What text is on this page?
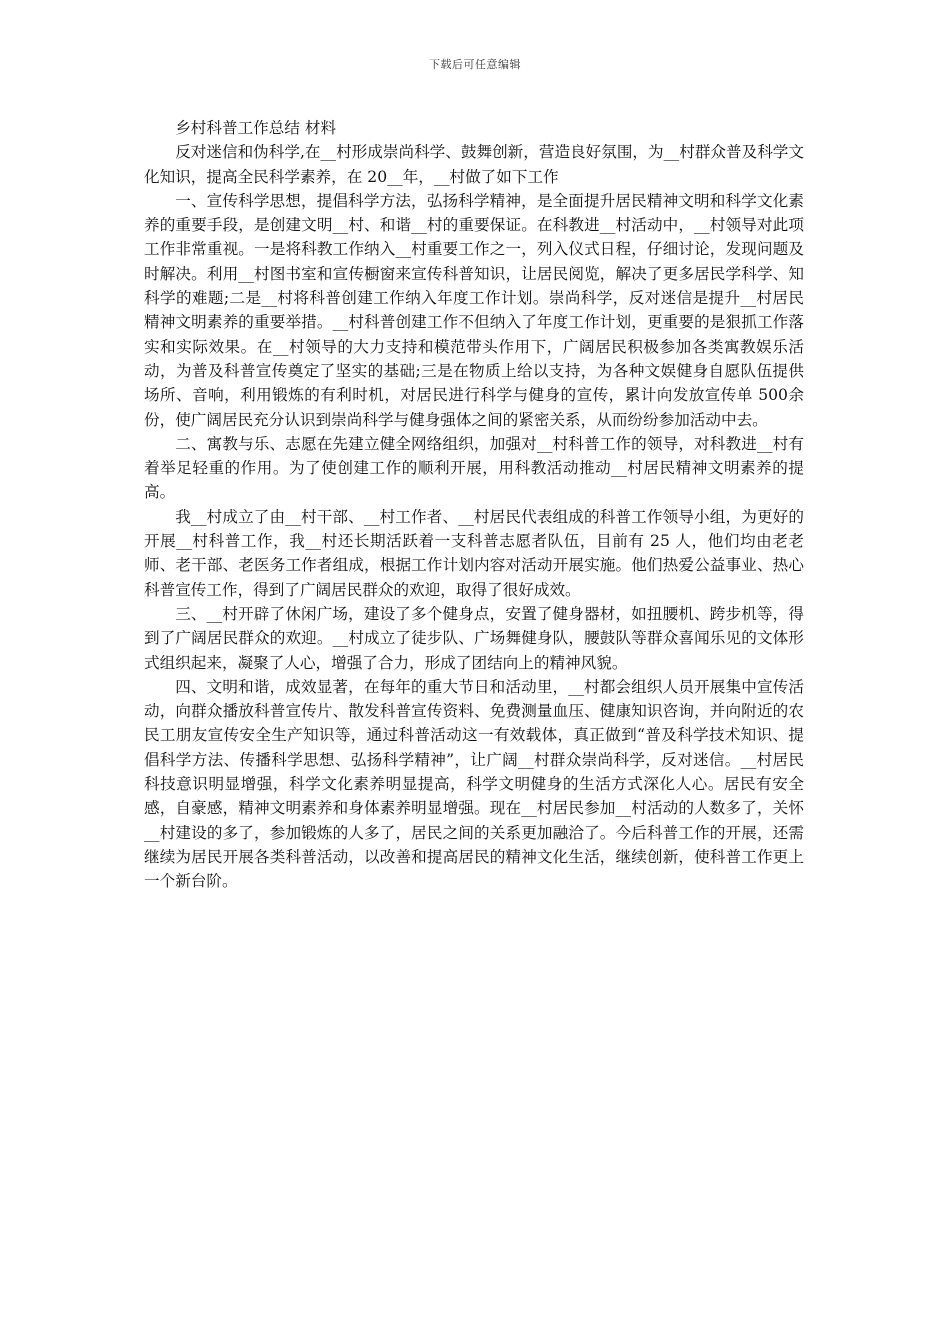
下载后可任意编辑
乡村科普工作总结 材料

反对迷信和伪科学,在__村形成崇尚科学、鼓舞创新，营造良好氛围，为__村群众普及科学文化知识，提高全民科学素养，在 20__年，__村做了如下工作

一、宣传科学思想，提倡科学方法，弘扬科学精神，是全面提升居民精神文明和科学文化素养的重要手段，是创建文明__村、和谐__村的重要保证。在科教进__村活动中，__村领导对此项工作非常重视。一是将科教工作纳入__村重要工作之一，列入仪式日程，仔细讨论，发现问题及时解决。利用__村图书室和宣传橱窗来宣传科普知识，让居民阅览，解决了更多居民学科学、知科学的难题;二是__村将科普创建工作纳入年度工作计划。崇尚科学，反对迷信是提升__村居民精神文明素养的重要举措。__村科普创建工作不但纳入了年度工作计划，更重要的是狠抓工作落实和实际效果。在__村领导的大力支持和模范带头作用下，广阔居民积极参加各类寓教娱乐活动，为普及科普宣传奠定了坚实的基础;三是在物质上给以支持，为各种文娱健身自愿队伍提供场所、音响，利用锻炼的有利时机，对居民进行科学与健身的宣传，累计向发放宣传单 500余份，使广阔居民充分认识到崇尚科学与健身强体之间的紧密关系，从而纷纷参加活动中去。

二、寓教与乐、志愿在先建立健全网络组织，加强对__村科普工作的领导，对科教进__村有着举足轻重的作用。为了使创建工作的顺利开展，用科教活动推动__村居民精神文明素养的提高。

我__村成立了由__村干部、__村工作者、__村居民代表组成的科普工作领导小组，为更好的开展__村科普工作，我__村还长期活跃着一支科普志愿者队伍，目前有 25 人，他们均由老老师、老干部、老医务工作者组成，根据工作计划内容对活动开展实施。他们热爱公益事业、热心科普宣传工作，得到了广阔居民群众的欢迎，取得了很好成效。

三、__村开辟了休闲广场，建设了多个健身点，安置了健身器材，如扭腰机、跨步机等，得到了广阔居民群众的欢迎。__村成立了徒步队、广场舞健身队，腰鼓队等群众喜闻乐见的文体形式组织起来，凝聚了人心，增强了合力，形成了团结向上的精神风貌。

四、文明和谐，成效显著，在每年的重大节日和活动里，__村都会组织人员开展集中宣传活动，向群众播放科普宣传片、散发科普宣传资料、免费测量血压、健康知识咨询，并向附近的农民工朋友宣传安全生产知识等，通过科普活动这一有效载体，真正做到“普及科学技术知识、提倡科学方法、传播科学思想、弘扬科学精神”，让广阔__村群众崇尚科学，反对迷信。__村居民科技意识明显增强，科学文化素养明显提高，科学文明健身的生活方式深化人心。居民有安全感，自豪感，精神文明素养和身体素养明显增强。现在__村居民参加__村活动的人数多了，关怀__村建设的多了，参加锻炼的人多了，居民之间的关系更加融洽了。今后科普工作的开展，还需继续为居民开展各类科普活动，以改善和提高居民的精神文化生活，继续创新，使科普工作更上一个新台阶。
